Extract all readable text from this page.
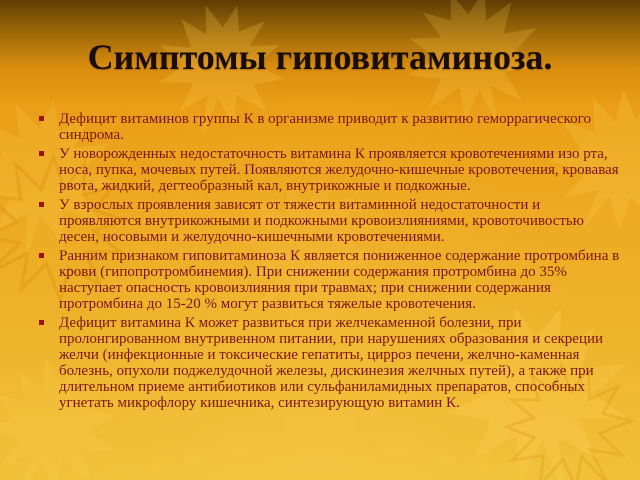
Симптомы гиповитаминоза.
Дефицит витаминов группы К в организме приводит к развитию геморрагического синдрома.
У новорожденных недостаточность витамина К проявляется кровотечениями изо рта, носа, пупка, мочевых путей. Появляются желудочно-кишечные кровотечения, кровавая рвота, жидкий, дегтеобразный кал, внутрикожные и подкожные.
У взрослых проявления зависят от тяжести витаминной недостаточности и проявляются внутрикожными и подкожными кровоизлияниями, кровоточивостью десен, носовыми и желудочно-кишечными кровотечениями.
Ранним признаком гиповитаминоза К является пониженное содержание протромбина в крови (гипопротромбинемия). При снижении содержания протромбина до 35% наступает опасность кровоизлияния при травмах; при снижении содержания протромбина до 15-20 % могут развиться тяжелые кровотечения.
Дефицит витамина К может развиться при желчекаменной болезни, при пролонгированном внутривенном питании, при нарушениях образования и секреции желчи (инфекционные и токсические гепатиты, цирроз печени, желчно-каменная болезнь, опухоли поджелудочной железы, дискинезия желчных путей), а также при длительном приеме антибиотиков или сульфаниламидных препаратов, способных угнетать микрофлору кишечника, синтезирующую витамин К.
